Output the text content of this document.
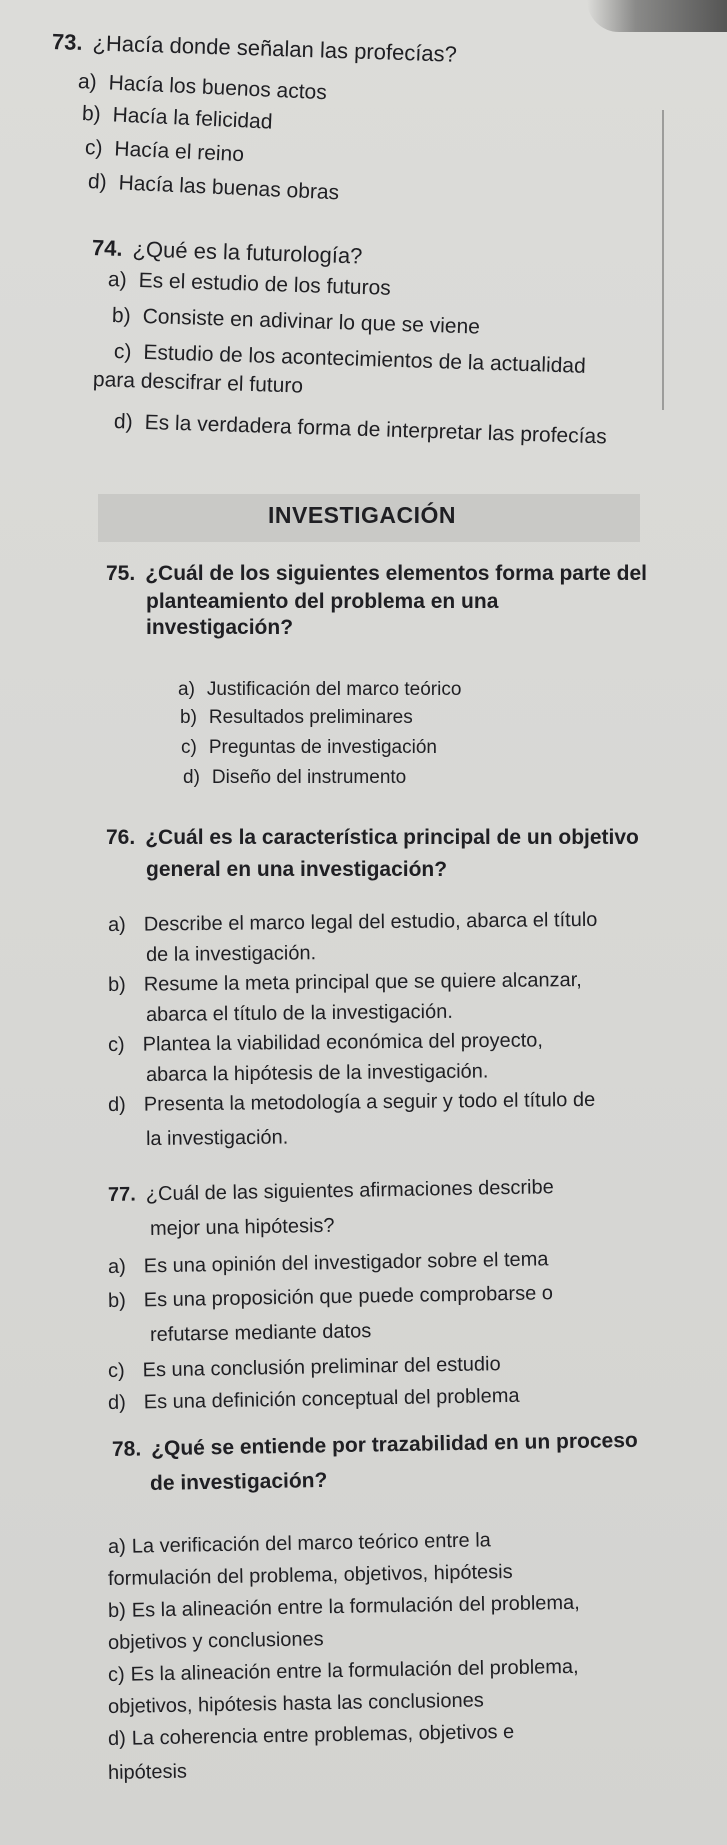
73. ¿Hacía donde señalan las profecías?
a) Hacía los buenos actos
b) Hacía la felicidad
c) Hacía el reino
d) Hacía las buenas obras
74. ¿Qué es la futurología?
a) Es el estudio de los futuros
b) Consiste en adivinar lo que se viene
c) Estudio de los acontecimientos de la actualidad
para descifrar el futuro
d) Es la verdadera forma de interpretar las profecías
INVESTIGACIÓN
75. ¿Cuál de los siguientes elementos forma parte del
planteamiento del problema en una
investigación?
a) Justificación del marco teórico
b) Resultados preliminares
c) Preguntas de investigación
d) Diseño del instrumento
76. ¿Cuál es la característica principal de un objetivo
general en una investigación?
a) Describe el marco legal del estudio, abarca el título
de la investigación.
b) Resume la meta principal que se quiere alcanzar,
abarca el título de la investigación.
c) Plantea la viabilidad económica del proyecto,
abarca la hipótesis de la investigación.
d) Presenta la metodología a seguir y todo el título de
la investigación.
77. ¿Cuál de las siguientes afirmaciones describe
mejor una hipótesis?
a) Es una opinión del investigador sobre el tema
b) Es una proposición que puede comprobarse o
refutarse mediante datos
c) Es una conclusión preliminar del estudio
d) Es una definición conceptual del problema
78. ¿Qué se entiende por trazabilidad en un proceso
de investigación?
a) La verificación del marco teórico entre la
formulación del problema, objetivos, hipótesis
b) Es la alineación entre la formulación del problema,
objetivos y conclusiones
c) Es la alineación entre la formulación del problema,
objetivos, hipótesis hasta las conclusiones
d) La coherencia entre problemas, objetivos e
hipótesis
